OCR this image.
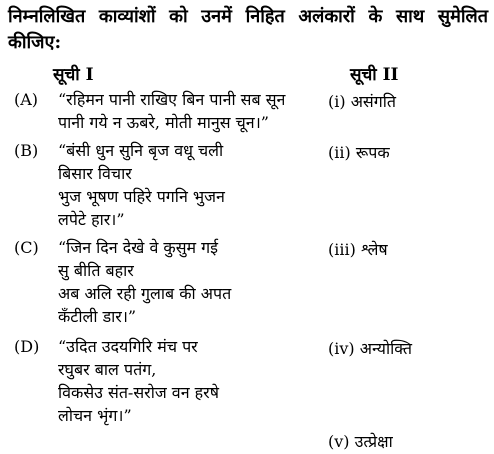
निम्नलिखित काव्यांशों को उनमें निहित अलंकारों के साथ सुमेलित कीजिए:
सूची I	सूची II
(A) “रहिमन पानी राखिए बिन पानी सब सून
पानी गये न ऊबरे, मोती मानुस चून।”
(B) “बंसी धुन सुनि बृज वधू चली
बिसार विचार
भुज भूषण पहिरे पगनि भुजन
लपेटे हार।”
(C) “जिन दिन देखे वे कुसुम गई
सु बीति बहार
अब अलि रही गुलाब की अपत
कँटीली डार।”
(D) “उदित उदयगिरि मंच पर
रघुबर बाल पतंग,
विकसेउ संत-सरोज वन हरषे
लोचन भृंग।”
(i) असंगति
(ii) रूपक
(iii) श्लेष
(iv) अन्योक्ति
(v) उत्प्रेक्षा
